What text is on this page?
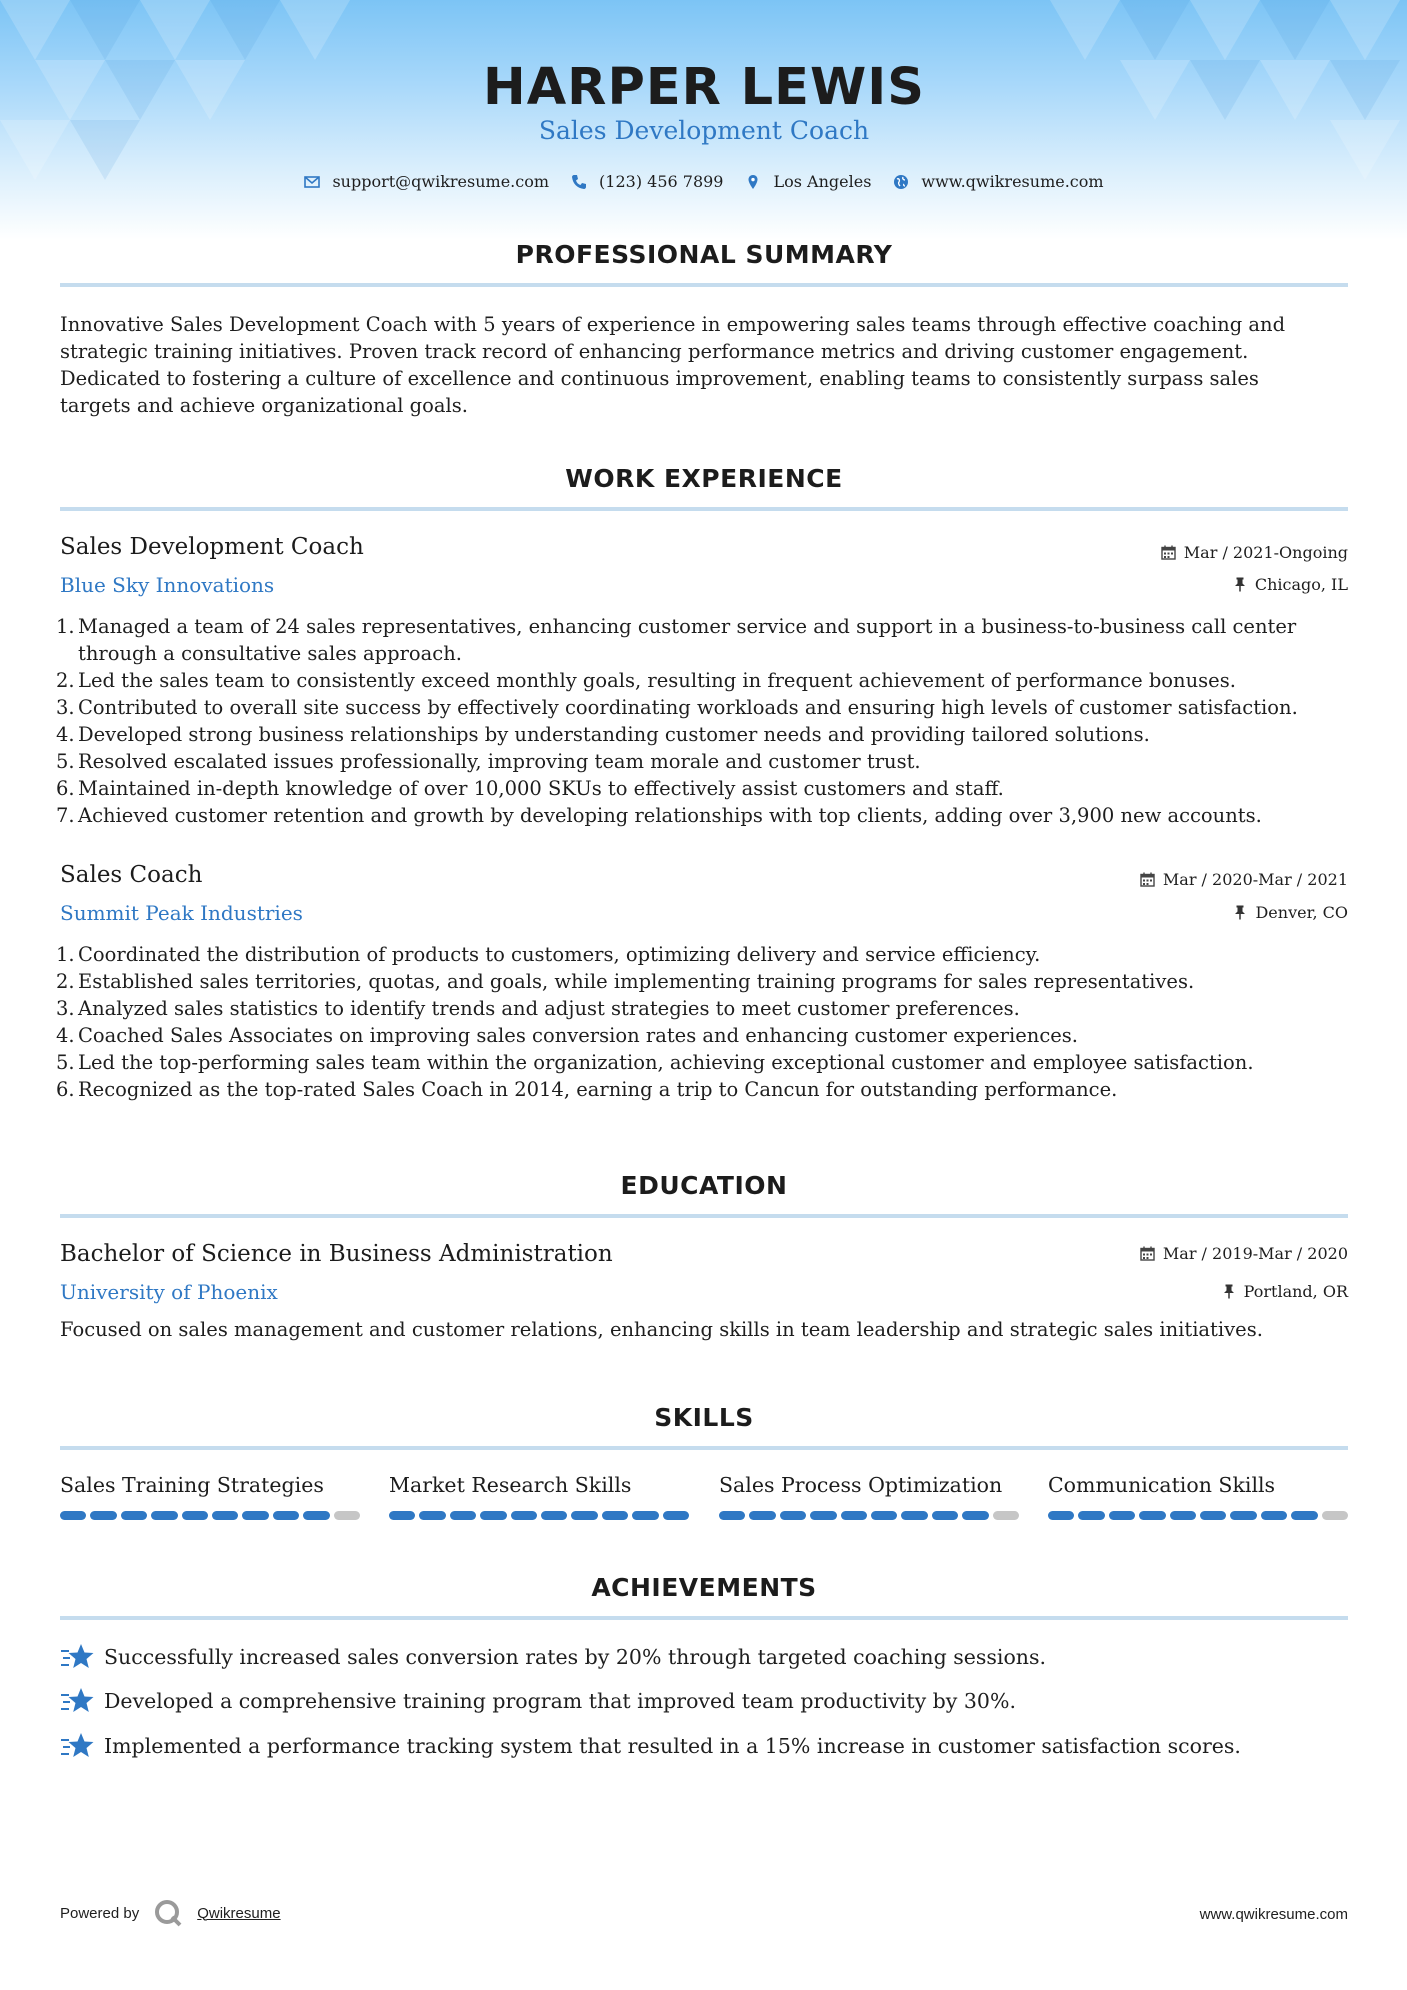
HARPER LEWIS
Sales Development Coach
support@qwikresume.com	(123) 456 7899	Los Angeles	www.qwikresume.com
PROFESSIONAL SUMMARY
Innovative Sales Development Coach with 5 years of experience in empowering sales teams through effective coaching and
strategic training initiatives. Proven track record of enhancing performance metrics and driving customer engagement.
Dedicated to fostering a culture of excellence and continuous improvement, enabling teams to consistently surpass sales
targets and achieve organizational goals.
WORK EXPERIENCE
Sales Development Coach	Mar / 2021-Ongoing
Blue Sky Innovations	Chicago, IL
1. Managed a team of 24 sales representatives, enhancing customer service and support in a business-to-business call center
through a consultative sales approach.
2. Led the sales team to consistently exceed monthly goals, resulting in frequent achievement of performance bonuses.
3. Contributed to overall site success by effectively coordinating workloads and ensuring high levels of customer satisfaction.
4. Developed strong business relationships by understanding customer needs and providing tailored solutions.
5. Resolved escalated issues professionally, improving team morale and customer trust.
6. Maintained in-depth knowledge of over 10,000 SKUs to effectively assist customers and staff.
7. Achieved customer retention and growth by developing relationships with top clients, adding over 3,900 new accounts.
Sales Coach	Mar / 2020-Mar / 2021
Summit Peak Industries	Denver, CO
1. Coordinated the distribution of products to customers, optimizing delivery and service efficiency.
2. Established sales territories, quotas, and goals, while implementing training programs for sales representatives.
3. Analyzed sales statistics to identify trends and adjust strategies to meet customer preferences.
4. Coached Sales Associates on improving sales conversion rates and enhancing customer experiences.
5. Led the top-performing sales team within the organization, achieving exceptional customer and employee satisfaction.
6. Recognized as the top-rated Sales Coach in 2014, earning a trip to Cancun for outstanding performance.
EDUCATION
Bachelor of Science in Business Administration	Mar / 2019-Mar / 2020
University of Phoenix	Portland, OR
Focused on sales management and customer relations, enhancing skills in team leadership and strategic sales initiatives.
SKILLS
Sales Training Strategies	Market Research Skills	Sales Process Optimization Communication Skills
ACHIEVEMENTS
Successfully increased sales conversion rates by 20% through targeted coaching sessions.
Developed a comprehensive training program that improved team productivity by 30%.
Implemented a performance tracking system that resulted in a 15% increase in customer satisfaction scores.
Powered by	Qwikresume	www.qwikresume.com
